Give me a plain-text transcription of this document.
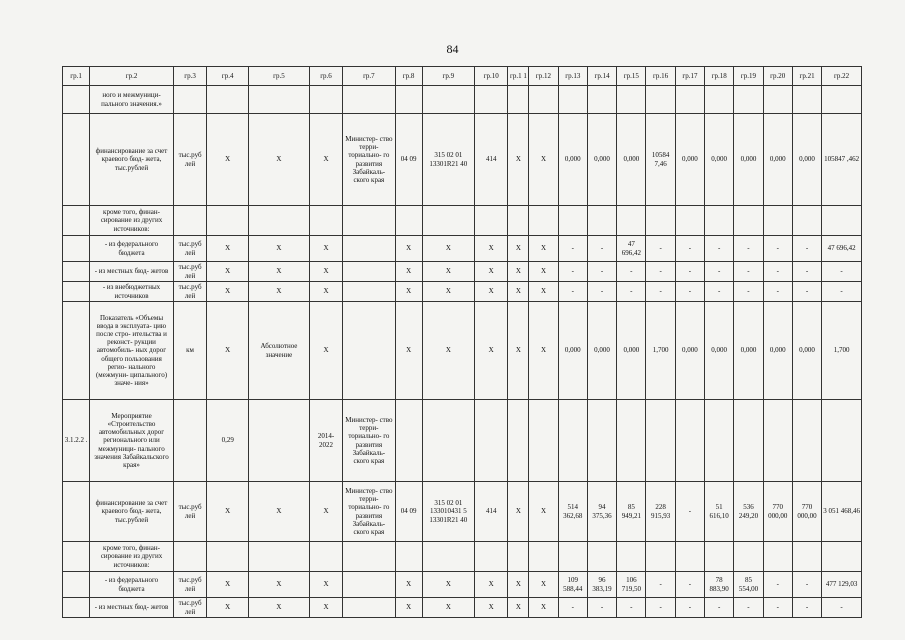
84
гр.1	гр.2	гр.3	гр.4	гр.5	гр.6	гр.7	гр.8	гр.9	гр.10	гр.1 1	гр.12	гр.13	гр.14	гр.15	гр.16	гр.17	гр.18	гр.19	гр.20	гр.21	гр.22
	ного и межмуници- пального значения.»																				
	финансирование за счет краевого бюд- жета, тыс.рублей	тыс.руб лей	Х	Х	Х	Министер- ство терри- ториально- го развития Забайкаль- ского края	04 09	315 02 01 13301R21 40	414	Х	Х	0,000	0,000	0,000	10584 7,46	0,000	0,000	0,000	0,000	0,000	105847 ,462
	кроме того, финан- сирование из других источников:																				
	- из федерального бюджета	тыс.руб лей	Х	Х	Х		Х	Х	Х	Х	Х	-	-	47 696,42	-	-	-	-	-	-	47 696,42
	- из местных бюд- жетов	тыс.руб лей	Х	Х	Х		Х	Х	Х	Х	Х	-	-	-	-	-	-	-	-	-	-
	- из внебюджетных источников	тыс.руб лей	Х	Х	Х		Х	Х	Х	Х	Х	-	-	-	-	-	-	-	-	-	-
	Показатель «Объемы ввода в эксплуата- цию после стро- ительства и реконст- рукции автомобиль- ных дорог общего пользования регио- нального (межмуни- ципального) значе- ния»	км	Х	Абсолютное значение	Х		Х	Х	Х	Х	Х	0,000	0,000	0,000	1,700	0,000	0,000	0,000	0,000	0,000	1,700
3.1.2.2 .	Мероприятие «Строительство автомобильных дорог регионального или межмуници- пального значения Забайкальского края»		0,29		2014- 2022	Министер- ство терри- ториально- го развития Забайкаль- ского края															
	финансирование за счет краевого бюд- жета, тыс.рублей	тыс.руб лей	Х	Х	Х	Министер- ство терри- ториально- го развития Забайкаль- ского края	04 09	315 02 01 133010431 5 13301R21 40	414	Х	Х	514 362,68	94 375,36	85 949,21	228 915,93	-	51 616,10	536 249,20	770 000,00	770 000,00	3 051 468,46
	кроме того, финан- сирование из других источников:																				
	- из федерального бюджета	тыс.руб лей	Х	Х	Х		Х	Х	Х	Х	Х	109 588,44	96 383,19	106 719,50	-	-	78 883,90	85 554,00	-	-	477 129,03
	- из местных бюд- жетов	тыс.руб лей	Х	Х	Х		Х	Х	Х	Х	Х	-	-	-	-	-	-	-	-	-	-
